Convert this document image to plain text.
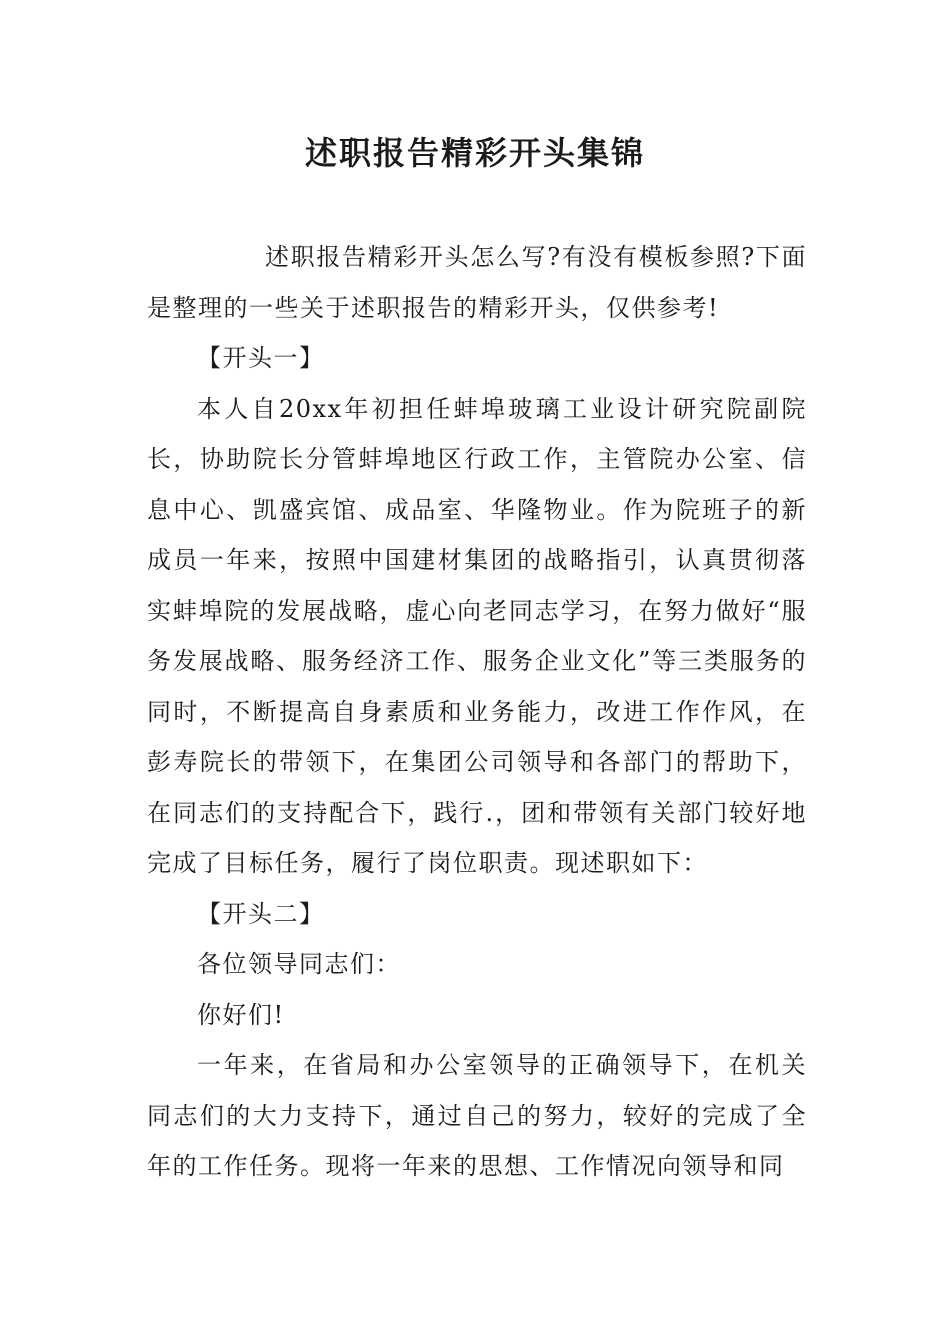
述职报告精彩开头集锦

述职报告精彩开头怎么写?有没有模板参照?下面是整理的一些关于述职报告的精彩开头，仅供参考!

【开头一】

本人自20xx年初担任蚌埠玻璃工业设计研究院副院长，协助院长分管蚌埠地区行政工作，主管院办公室、信息中心、凯盛宾馆、成品室、华隆物业。作为院班子的新成员一年来，按照中国建材集团的战略指引，认真贯彻落实蚌埠院的发展战略，虚心向老同志学习，在努力做好“服务发展战略、服务经济工作、服务企业文化”等三类服务的同时，不断提高自身素质和业务能力，改进工作作风，在彭寿院长的带领下，在集团公司领导和各部门的帮助下，在同志们的支持配合下，践行.，团和带领有关部门较好地完成了目标任务，履行了岗位职责。现述职如下：

【开头二】

各位领导同志们：

你好们!

一年来，在省局和办公室领导的正确领导下，在机关同志们的大力支持下，通过自己的努力，较好的完成了全年的工作任务。现将一年来的思想、工作情况向领导和同
